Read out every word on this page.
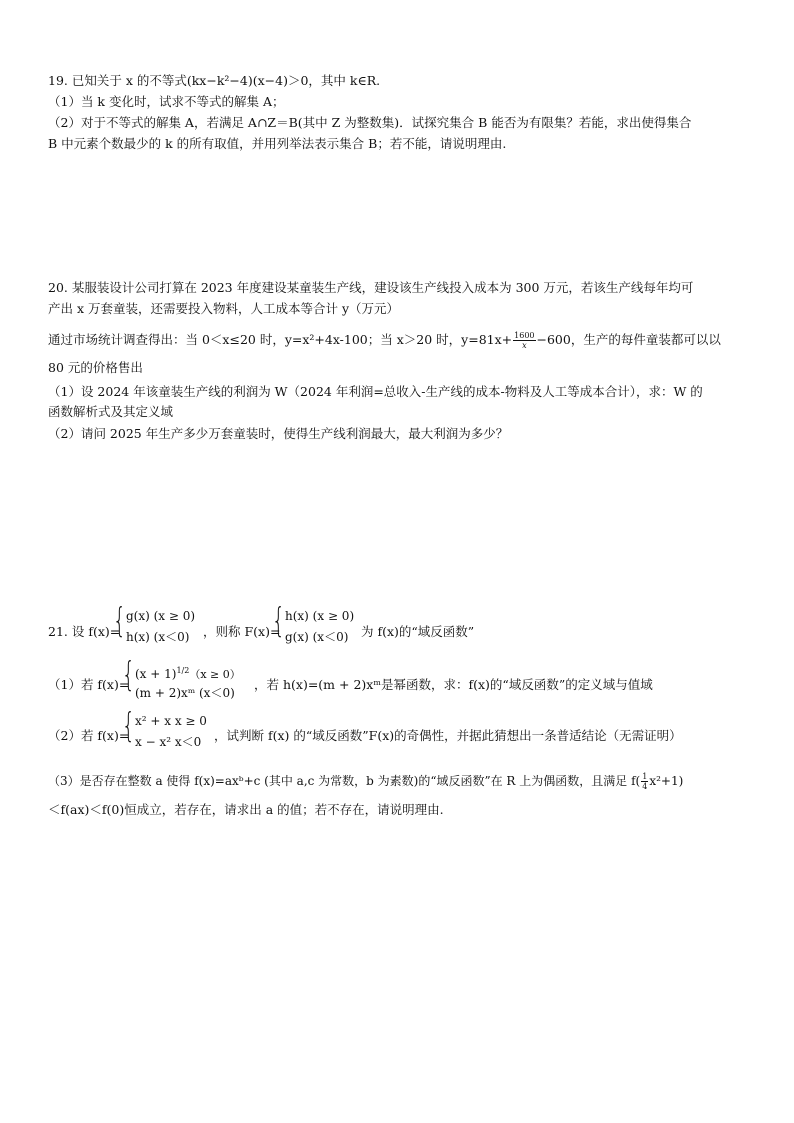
19. 已知关于 x 的不等式(kx−k²−4)(x−4)＞0，其中 k∈R.
（1）当 k 变化时，试求不等式的解集 A；
（2）对于不等式的解集 A，若满足 A∩Z＝B(其中 Z 为整数集)．试探究集合 B 能否为有限集？若能，求出使得集合
B 中元素个数最少的 k 的所有取值，并用列举法表示集合 B；若不能，请说明理由.
20. 某服装设计公司打算在 2023 年度建设某童装生产线，建设该生产线投入成本为 300 万元，若该生产线每年均可
产出 x 万套童装，还需要投入物料，人工成本等合计 y（万元）
通过市场统计调查得出：当 0＜x≤20 时，y=x²+4x-100；当 x＞20 时，$y=81x+ \frac{1600}{x} -600$，生产的每件童装都可以以
80 元的价格售出
（1）设 2024 年该童装生产线的利润为 W（2024 年利润=总收入-生产线的成本-物料及人工等成本合计），求：W 的
函数解析式及其定义域
（2）请问 2025 年生产多少万套童装时，使得生产线利润最大，最大利润为多少？
21. 设 f(x)=
{ g(x) (x ≥ 0)
h(x) (x＜0) ，则称 F(x)=
{ h(x) (x ≥ 0)
g(x) (x＜0) 为 f(x)的“域反函数”
（1）若 f(x)=
{ $(x + 1)^{1/2}(x \ge 0)$
(m + 2)xᵐ (x＜0)
，若 h(x)=(m + 2)xᵐ是幂函数，求：f(x)的“域反函数”的定义域与值域
（2）若 f(x)=
{ x² + x x ≥ 0
x − x² x＜0 ，试判断 f(x) 的“域反函数”F(x)的奇偶性，并据此猜想出一条普适结论（无需证明）
（3）是否存在整数 a 使得 f(x)=axᵇ+c (其中 a,c 为常数，b 为素数)的“域反函数”在 R 上为偶函数，且满足 $f( \frac{1}{4} x^2+1)$
＜f(ax)＜f(0)恒成立，若存在，请求出 a 的值；若不存在，请说明理由.
